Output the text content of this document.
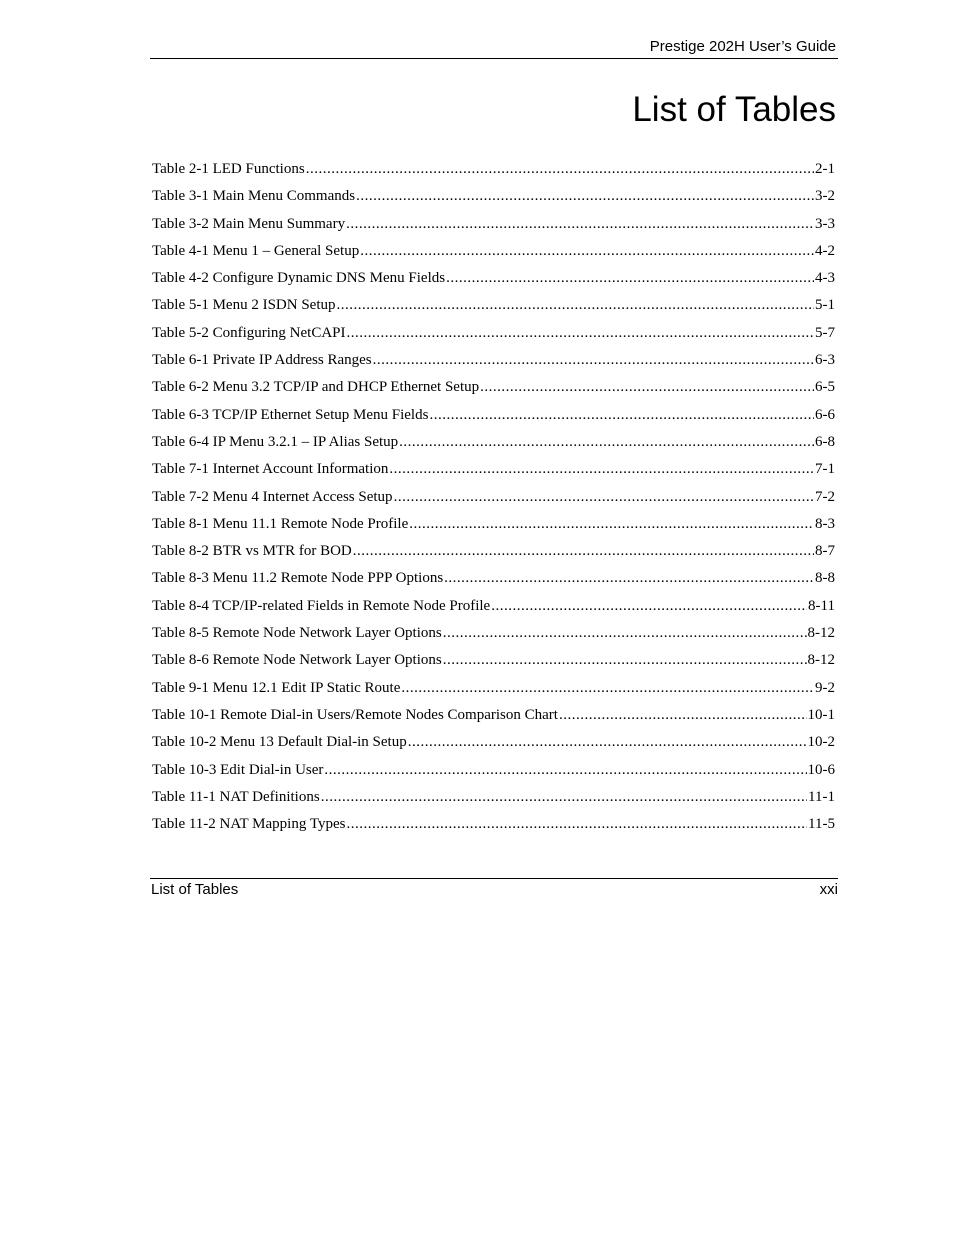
Prestige 202H User’s Guide
List of Tables
Table 2-1 LED Functions .....	2-1
Table 3-1 Main Menu Commands .....	3-2
Table 3-2 Main Menu Summary .....	3-3
Table 4-1 Menu 1 – General Setup .....	4-2
Table 4-2 Configure Dynamic DNS Menu Fields .....	4-3
Table 5-1 Menu 2 ISDN Setup .....	5-1
Table 5-2 Configuring NetCAPI .....	5-7
Table 6-1 Private IP Address Ranges .....	6-3
Table 6-2 Menu 3.2 TCP/IP and DHCP Ethernet Setup .....	6-5
Table 6-3 TCP/IP Ethernet Setup Menu Fields .....	6-6
Table 6-4 IP Menu 3.2.1 – IP Alias Setup .....	6-8
Table 7-1 Internet Account Information .....	7-1
Table 7-2 Menu 4 Internet Access Setup .....	7-2
Table 8-1 Menu 11.1 Remote Node Profile .....	8-3
Table 8-2 BTR vs MTR for BOD .....	8-7
Table 8-3 Menu 11.2 Remote Node PPP Options .....	8-8
Table 8-4 TCP/IP-related Fields in Remote Node Profile .....	8-11
Table 8-5 Remote Node Network Layer Options .....	8-12
Table 8-6 Remote Node Network Layer Options .....	8-12
Table 9-1 Menu 12.1 Edit IP Static Route .....	9-2
Table 10-1 Remote Dial-in Users/Remote Nodes Comparison Chart .....	10-1
Table 10-2 Menu 13 Default Dial-in Setup .....	10-2
Table 10-3 Edit Dial-in User .....	10-6
Table 11-1 NAT Definitions .....	11-1
Table 11-2 NAT Mapping Types .....	11-5
List of Tables	xxi
